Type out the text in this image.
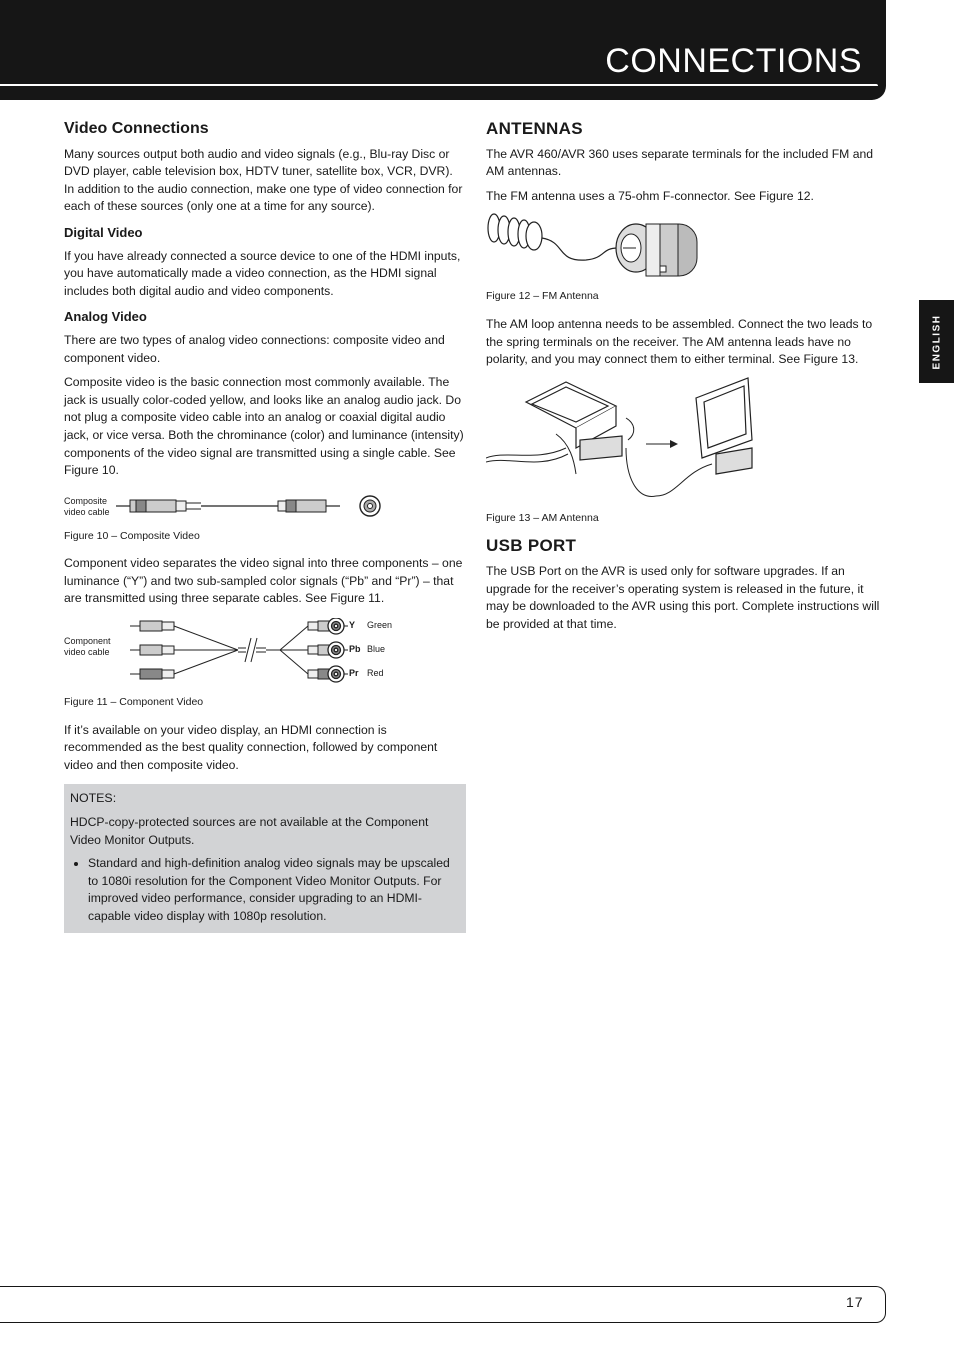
CONNECTIONS
ENGLISH
Video Connections

Many sources output both audio and video signals (e.g., Blu-ray Disc or DVD player, cable television box, HDTV tuner, satellite box, VCR, DVR). In addition to the audio connection, make one type of video connection for each of these sources (only one at a time for any source).

Digital Video

If you have already connected a source device to one of the HDMI inputs, you have automatically made a video connection, as the HDMI signal includes both digital audio and video components.

Analog Video

There are two types of analog video connections: composite video and component video.

Composite video is the basic connection most commonly available. The jack is usually color-coded yellow, and looks like an analog audio jack. Do not plug a composite video cable into an analog or coaxial digital audio jack, or vice versa. Both the chrominance (color) and luminance (intensity) components of the video signal are transmitted using a single cable. See Figure 10.

Composite
video cable
Figure 10 – Composite Video

Component video separates the video signal into three components – one luminance (“Y”) and two sub-sampled color signals (“Pb” and “Pr”) – that are transmitted using three separate cables. See Figure 11.

Component
video cable
Y
Pb
Pr
Green
Blue
Red
Figure 11 – Component Video

If it’s available on your video display, an HDMI connection is recommended as the best quality connection, followed by component video and then composite video.

NOTES:
HDCP-copy-protected sources are not available at the Component Video Monitor Outputs.
• Standard and high-definition analog video signals may be upscaled to 1080i resolution for the Component Video Monitor Outputs. For improved video performance, consider upgrading to an HDMI-capable video display with 1080p resolution.
ANTENNAS

The AVR 460/AVR 360 uses separate terminals for the included FM and AM antennas.

The FM antenna uses a 75-ohm F-connector. See Figure 12.

Figure 12 – FM Antenna

The AM loop antenna needs to be assembled. Connect the two leads to the spring terminals on the receiver. The AM antenna leads have no polarity, and you may connect them to either terminal. See Figure 13.

Figure 13 – AM Antenna
USB PORT

The USB Port on the AVR is used only for software upgrades. If an upgrade for the receiver’s operating system is released in the future, it may be downloaded to the AVR using this port. Complete instructions will be provided at that time.

17
